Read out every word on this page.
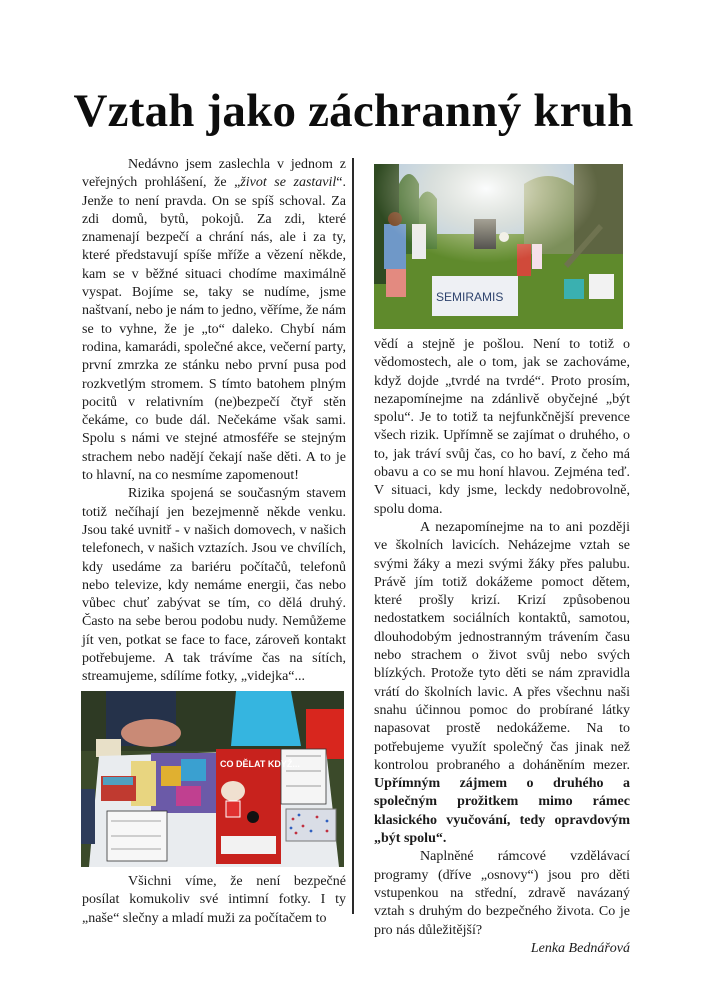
Vztah jako záchranný kruh

Nedávno jsem zaslechla v jednom z veřejných prohlášení, že „život se zastavil“. Jenže to není pravda. On se spíš schoval. Za zdi domů, bytů, pokojů. Za zdi, které znamenají bezpečí a chrání nás, ale i za ty, které představují spíše mříže a vězení někde, kam se v běžné situaci chodíme maximálně vyspat. Bojíme se, taky se nudíme, jsme naštvaní, nebo je nám to jedno, věříme, že nám se to vyhne, že je „to“ daleko. Chybí nám rodina, kamarádi, společné akce, večerní party, první zmrzka ze stánku nebo první pusa pod rozkvetlým stromem. S tímto batohem plným pocitů v relativním (ne)bezpečí čtyř stěn čekáme, co bude dál. Nečekáme však sami. Spolu s námi ve stejné atmosféře se stejným strachem nebo nadějí čekají naše děti. A to je to hlavní, na co nesmíme zapomenout!

Rizika spojená se současným stavem totiž nečíhají jen bezejmenně někde venku. Jsou také uvnitř - v našich domovech, v našich telefonech, v našich vztazích. Jsou ve chvílích, kdy usedáme za bariéru počítačů, telefonů nebo televize, kdy nemáme energii, čas nebo vůbec chuť zabývat se tím, co dělá druhý. Často na sebe berou podobu nudy. Nemůžeme jít ven, potkat se face to face, zároveň kontakt potřebujeme. A tak trávíme čas na sítích, streamujeme, sdílíme fotky, „videjka“...

CO DĚLAT KDYŽ...

Všichni víme, že není bezpečné posílat komukoliv své intimní fotky. I ty „naše“ slečny a mladí muži za počítačem to

SEMIRAMIS

vědí a stejně je pošlou. Není to totiž o vědomostech, ale o tom, jak se zachováme, když dojde „tvrdé na tvrdé“. Proto prosím, nezapomínejme na zdánlivě obyčejné „být spolu“. Je to totiž ta nejfunkčnější prevence všech rizik. Upřímně se zajímat o druhého, o to, jak tráví svůj čas, co ho baví, z čeho má obavu a co se mu honí hlavou. Zejména teď. V situaci, kdy jsme, leckdy nedobrovolně, spolu doma.

A nezapomínejme na to ani později ve školních lavicích. Neházejme vztah se svými žáky a mezi svými žáky přes palubu. Právě jím totiž dokážeme pomoct dětem, které prošly krizí. Krizí způsobenou nedostatkem sociálních kontaktů, samotou, dlouhodobým jednostranným trávením času nebo strachem o život svůj nebo svých blízkých. Protože tyto děti se nám zpravidla vrátí do školních lavic. A přes všechnu naši snahu účinnou pomoc do probírané látky napasovat prostě nedokážeme. Na to potřebujeme využít společný čas jinak než kontrolou probraného a doháněním mezer. Upřímným zájmem o druhého a společným prožitkem mimo rámec klasického vyučování, tedy opravdovým „být spolu“.

Naplněné rámcové vzdělávací programy (dříve „osnovy“) jsou pro děti vstupenkou na střední, zdravě navázaný vztah s druhým do bezpečného života. Co je pro nás důležitější?

Lenka Bednářová
